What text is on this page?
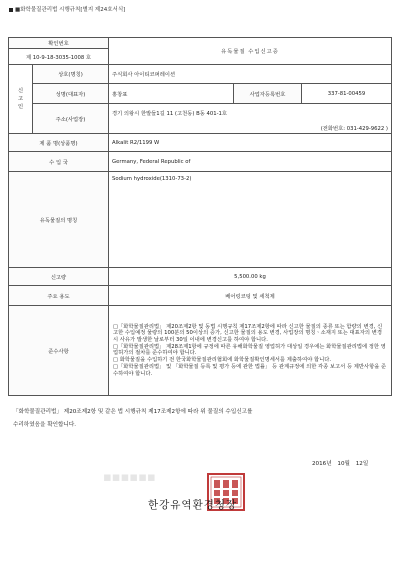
■화학물질관리법 시행규칙[별지 제24호서식]
확인번호		유독물질 수입신고증		
제 10-9-18-3035-1008 호				
신
고
인	상호(명칭)	주식회사 아이티코퍼레이션		
	성명(대표자)	홍창표	사업자등록번호	337-81-00459
	주소(사업장)	경기 의왕시 한발들1길 11 (고천동) B동 401-1호		
		(전화번호: 031-429-9622 )		
제 품 명(상품명)		Alkalit R2/1199 W		
수 입 국		Germany, Federal Republic of		
유독물질의 명칭		Sodium hydroxide(1310-73-2)		
신고량		5,500.00 kg		
주요 용도		베어링코팅 및 세척제		
준수사항		□「화학물질관리법」 제20조제2항 및 동법 시행규칙 제17조제2항에 따라 신고한 물질의 종류 또는 함량의 변경, 신고한 수입예정 물량의 100분의 50이상의 증가, 신고한 물질의 용도 변경, 사업장의 명칭ㆍ소재지 또는 대표자의 변경 시 사유가 발생한 날로부터 30일 이내에 변경신고를 하여야 합니다.
□「화학물질관리법」 제28조제1항에 규정에 따른 유해화학물질 영업허가 대상일 경우에는 화학물질관리법에 정한 영업허가의 절차를 준수하여야 합니다.
□ 화학물질을 수입하기 전 한국화학물질관리협회에 화학물질확인명세서를 제출하여야 합니다.
□「화학물질관리법」 및 「화학물질 등록 및 평가 등에 관한 법률」 등 관계규정에 의한 각종 보고서 등 제반사항을 준수하여야 합니다.		
「화학물질관리법」 제20조제2항 및 같은 법 시행규칙 제17조제2항에 따라 위 물질의 수입신고를
수리하였음을 확인합니다.
2016년 10월 12일
▪▪▪▪▪▪
한강유역환경청장
